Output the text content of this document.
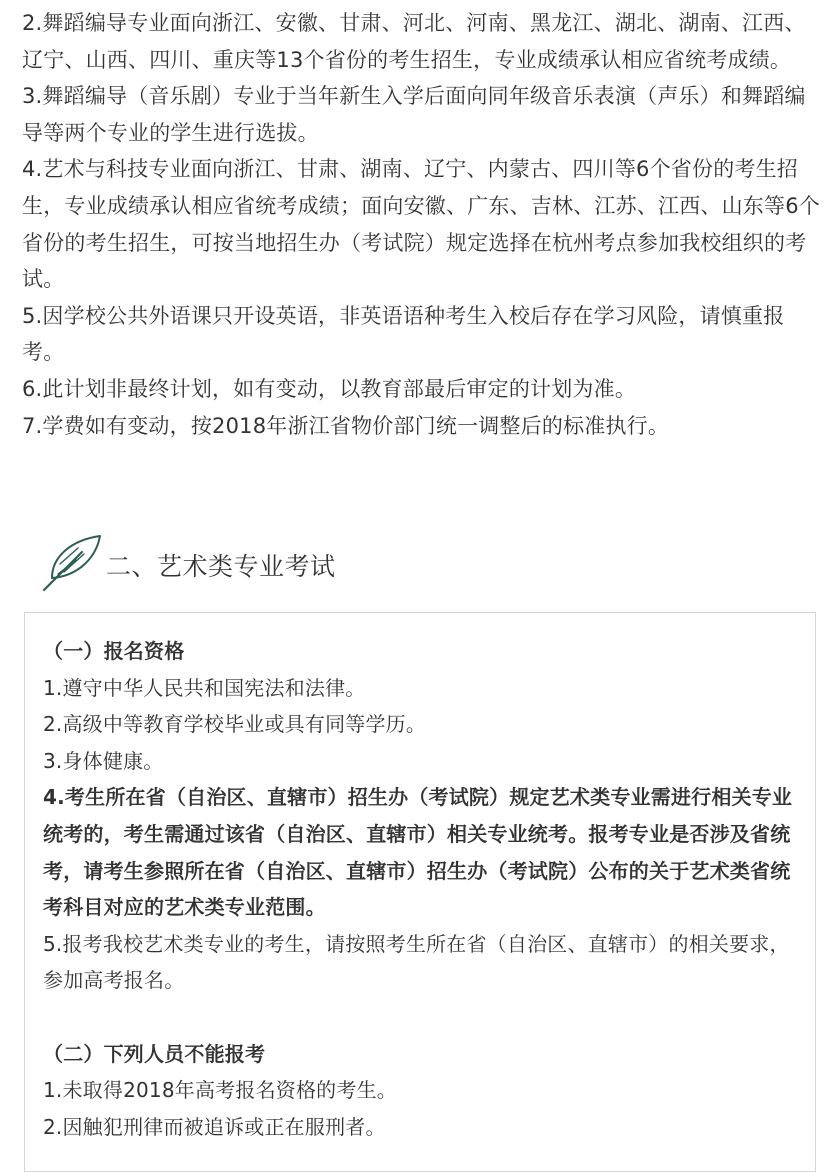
2.舞蹈编导专业面向浙江、安徽、甘肃、河北、河南、黑龙江、湖北、湖南、江西、辽宁、山西、四川、重庆等13个省份的考生招生，专业成绩承认相应省统考成绩。

3.舞蹈编导（音乐剧）专业于当年新生入学后面向同年级音乐表演（声乐）和舞蹈编导等两个专业的学生进行选拔。

4.艺术与科技专业面向浙江、甘肃、湖南、辽宁、内蒙古、四川等6个省份的考生招生，专业成绩承认相应省统考成绩；面向安徽、广东、吉林、江苏、江西、山东等6个省份的考生招生，可按当地招生办（考试院）规定选择在杭州考点参加我校组织的考试。

5.因学校公共外语课只开设英语，非英语语种考生入校后存在学习风险，请慎重报考。

6.此计划非最终计划，如有变动，以教育部最后审定的计划为准。

7.学费如有变动，按2018年浙江省物价部门统一调整后的标准执行。

二、艺术类专业考试

（一）报名资格

1.遵守中华人民共和国宪法和法律。

2.高级中等教育学校毕业或具有同等学历。

3.身体健康。

4.考生所在省（自治区、直辖市）招生办（考试院）规定艺术类专业需进行相关专业统考的，考生需通过该省（自治区、直辖市）相关专业统考。报考专业是否涉及省统考，请考生参照所在省（自治区、直辖市）招生办（考试院）公布的关于艺术类省统考科目对应的艺术类专业范围。

5.报考我校艺术类专业的考生，请按照考生所在省（自治区、直辖市）的相关要求，参加高考报名。

（二）下列人员不能报考

1.未取得2018年高考报名资格的考生。

2.因触犯刑律而被追诉或正在服刑者。
